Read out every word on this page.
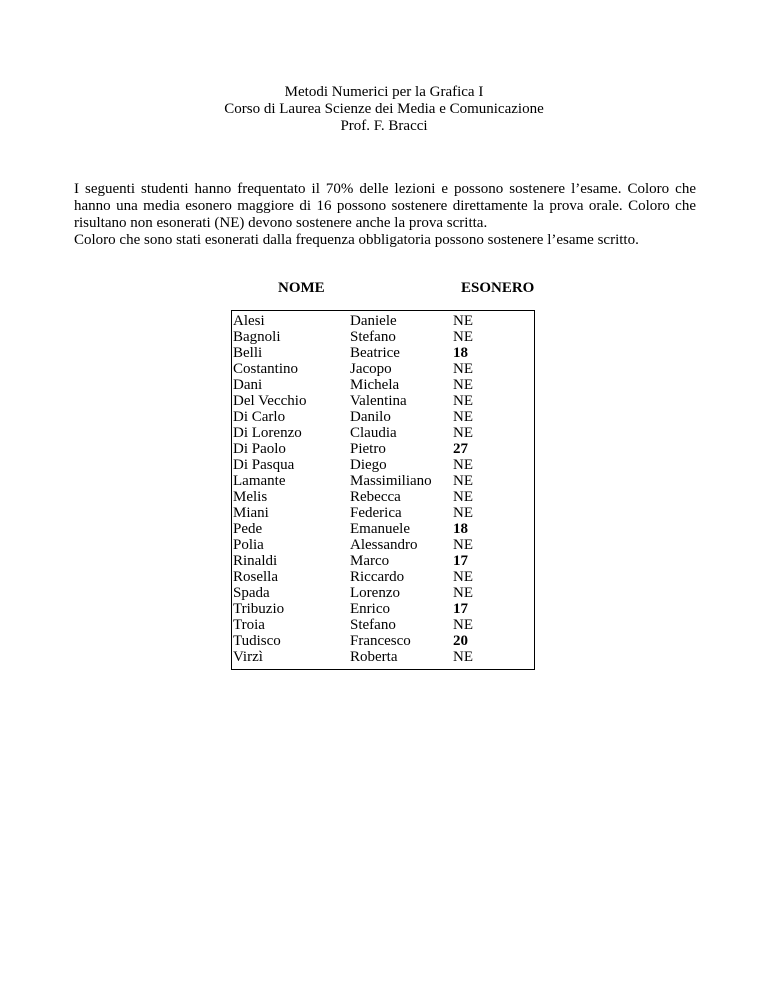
Metodi Numerici per la Grafica I
Corso di Laurea Scienze dei Media e Comunicazione
Prof. F. Bracci

I seguenti studenti hanno frequentato il 70% delle lezioni e possono sostenere l’esame. Coloro che hanno una media esonero maggiore di 16 possono sostenere direttamente la prova orale. Coloro che risultano non esonerati (NE) devono sostenere anche la prova scritta.

Coloro che sono stati esonerati dalla frequenza obbligatoria possono sostenere l’esame scritto.

NOME	ESONERO
Alesi	Daniele	NE
Bagnoli	Stefano	NE
Belli	Beatrice	18
Costantino	Jacopo	NE
Dani	Michela	NE
Del Vecchio	Valentina	NE
Di Carlo	Danilo	NE
Di Lorenzo	Claudia	NE
Di Paolo	Pietro	27
Di Pasqua	Diego	NE
Lamante	Massimiliano NE
Melis	Rebecca	NE
Miani	Federica	NE
Pede	Emanuele	18
Polia	Alessandro NE
Rinaldi	Marco	17
Rosella	Riccardo	NE
Spada	Lorenzo	NE
Tribuzio	Enrico	17
Troia	Stefano	NE
Tudisco	Francesco	20
Virzì	Roberta	NE
